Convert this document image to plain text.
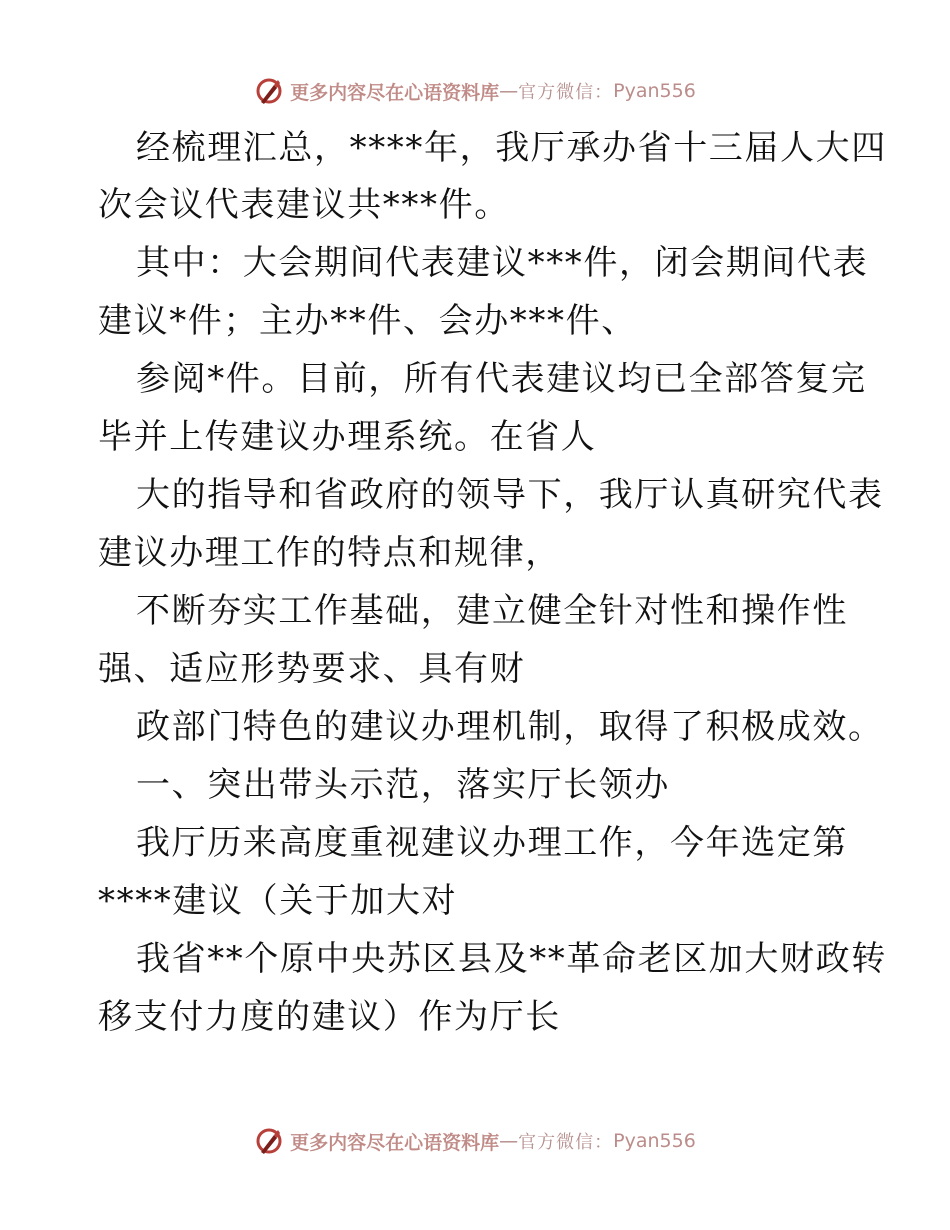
更多内容尽在心语资料库 — 官方微信： Pyan556
经梳理汇总，****年，我厅承办省十三届人大四
次会议代表建议共***件。
其中：大会期间代表建议***件，闭会期间代表
建议*件；主办**件、会办***件、
参阅*件。目前，所有代表建议均已全部答复完
毕并上传建议办理系统。在省人
大的指导和省政府的领导下，我厅认真研究代表
建议办理工作的特点和规律，
不断夯实工作基础，建立健全针对性和操作性
强、适应形势要求、具有财
政部门特色的建议办理机制，取得了积极成效。
一、突出带头示范，落实厅长领办
我厅历来高度重视建议办理工作，今年选定第
****建议（关于加大对
我省**个原中央苏区县及**革命老区加大财政转
移支付力度的建议）作为厅长
更多内容尽在心语资料库 — 官方微信： Pyan556
